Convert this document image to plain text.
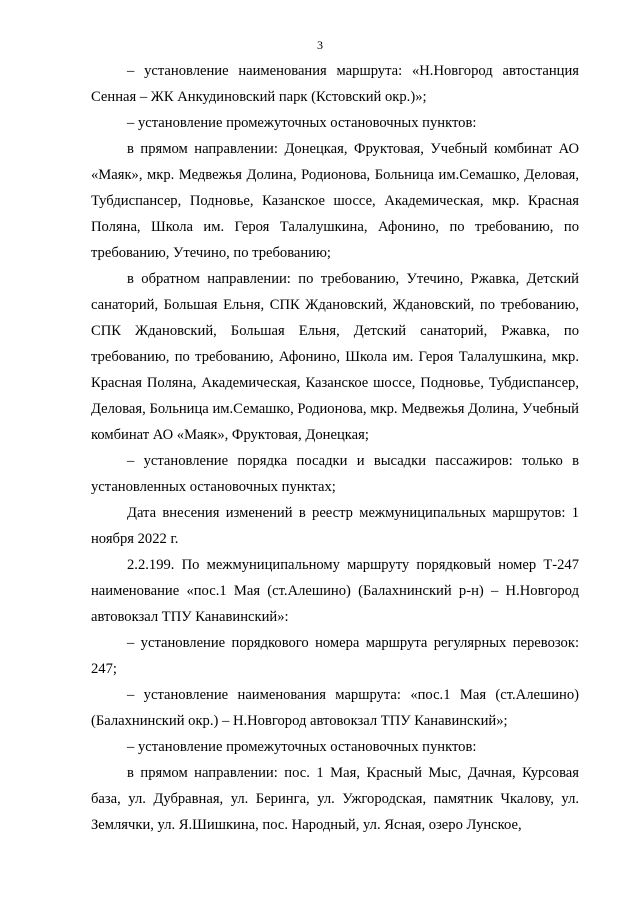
3

– установление наименования маршрута: «Н.Новгород автостанция Сенная – ЖК Анкудиновский парк (Кстовский окр.)»;

– установление промежуточных остановочных пунктов:

в прямом направлении: Донецкая, Фруктовая, Учебный комбинат АО «Маяк», мкр. Медвежья Долина, Родионова, Больница им.Семашко, Деловая, Тубдиспансер, Подновье, Казанское шоссе, Академическая, мкр. Красная Поляна, Школа им. Героя Талалушкина, Афонино, по требованию, по требованию, Утечино, по требованию;

в обратном направлении: по требованию, Утечино, Ржавка, Детский санаторий, Большая Ельня, СПК Ждановский, Ждановский, по требованию, СПК Ждановский, Большая Ельня, Детский санаторий, Ржавка, по требованию, по требованию, Афонино, Школа им. Героя Талалушкина, мкр. Красная Поляна, Академическая, Казанское шоссе, Подновье, Тубдиспансер, Деловая, Больница им.Семашко, Родионова, мкр. Медвежья Долина, Учебный комбинат АО «Маяк», Фруктовая, Донецкая;

– установление порядка посадки и высадки пассажиров: только в установленных остановочных пунктах;

Дата внесения изменений в реестр межмуниципальных маршрутов: 1 ноября 2022 г.

2.2.199. По межмуниципальному маршруту порядковый номер Т-247 наименование «пос.1 Мая (ст.Алешино) (Балахнинский р-н) – Н.Новгород автовокзал ТПУ Канавинский»:

– установление порядкового номера маршрута регулярных перевозок: 247;

– установление наименования маршрута: «пос.1 Мая (ст.Алешино) (Балахнинский окр.) – Н.Новгород автовокзал ТПУ Канавинский»;

– установление промежуточных остановочных пунктов:

в прямом направлении: пос. 1 Мая, Красный Мыс, Дачная, Курсовая база, ул. Дубравная, ул. Беринга, ул. Ужгородская, памятник Чкалову, ул. Землячки, ул. Я.Шишкина, пос. Народный, ул. Ясная, озеро Лунское,
